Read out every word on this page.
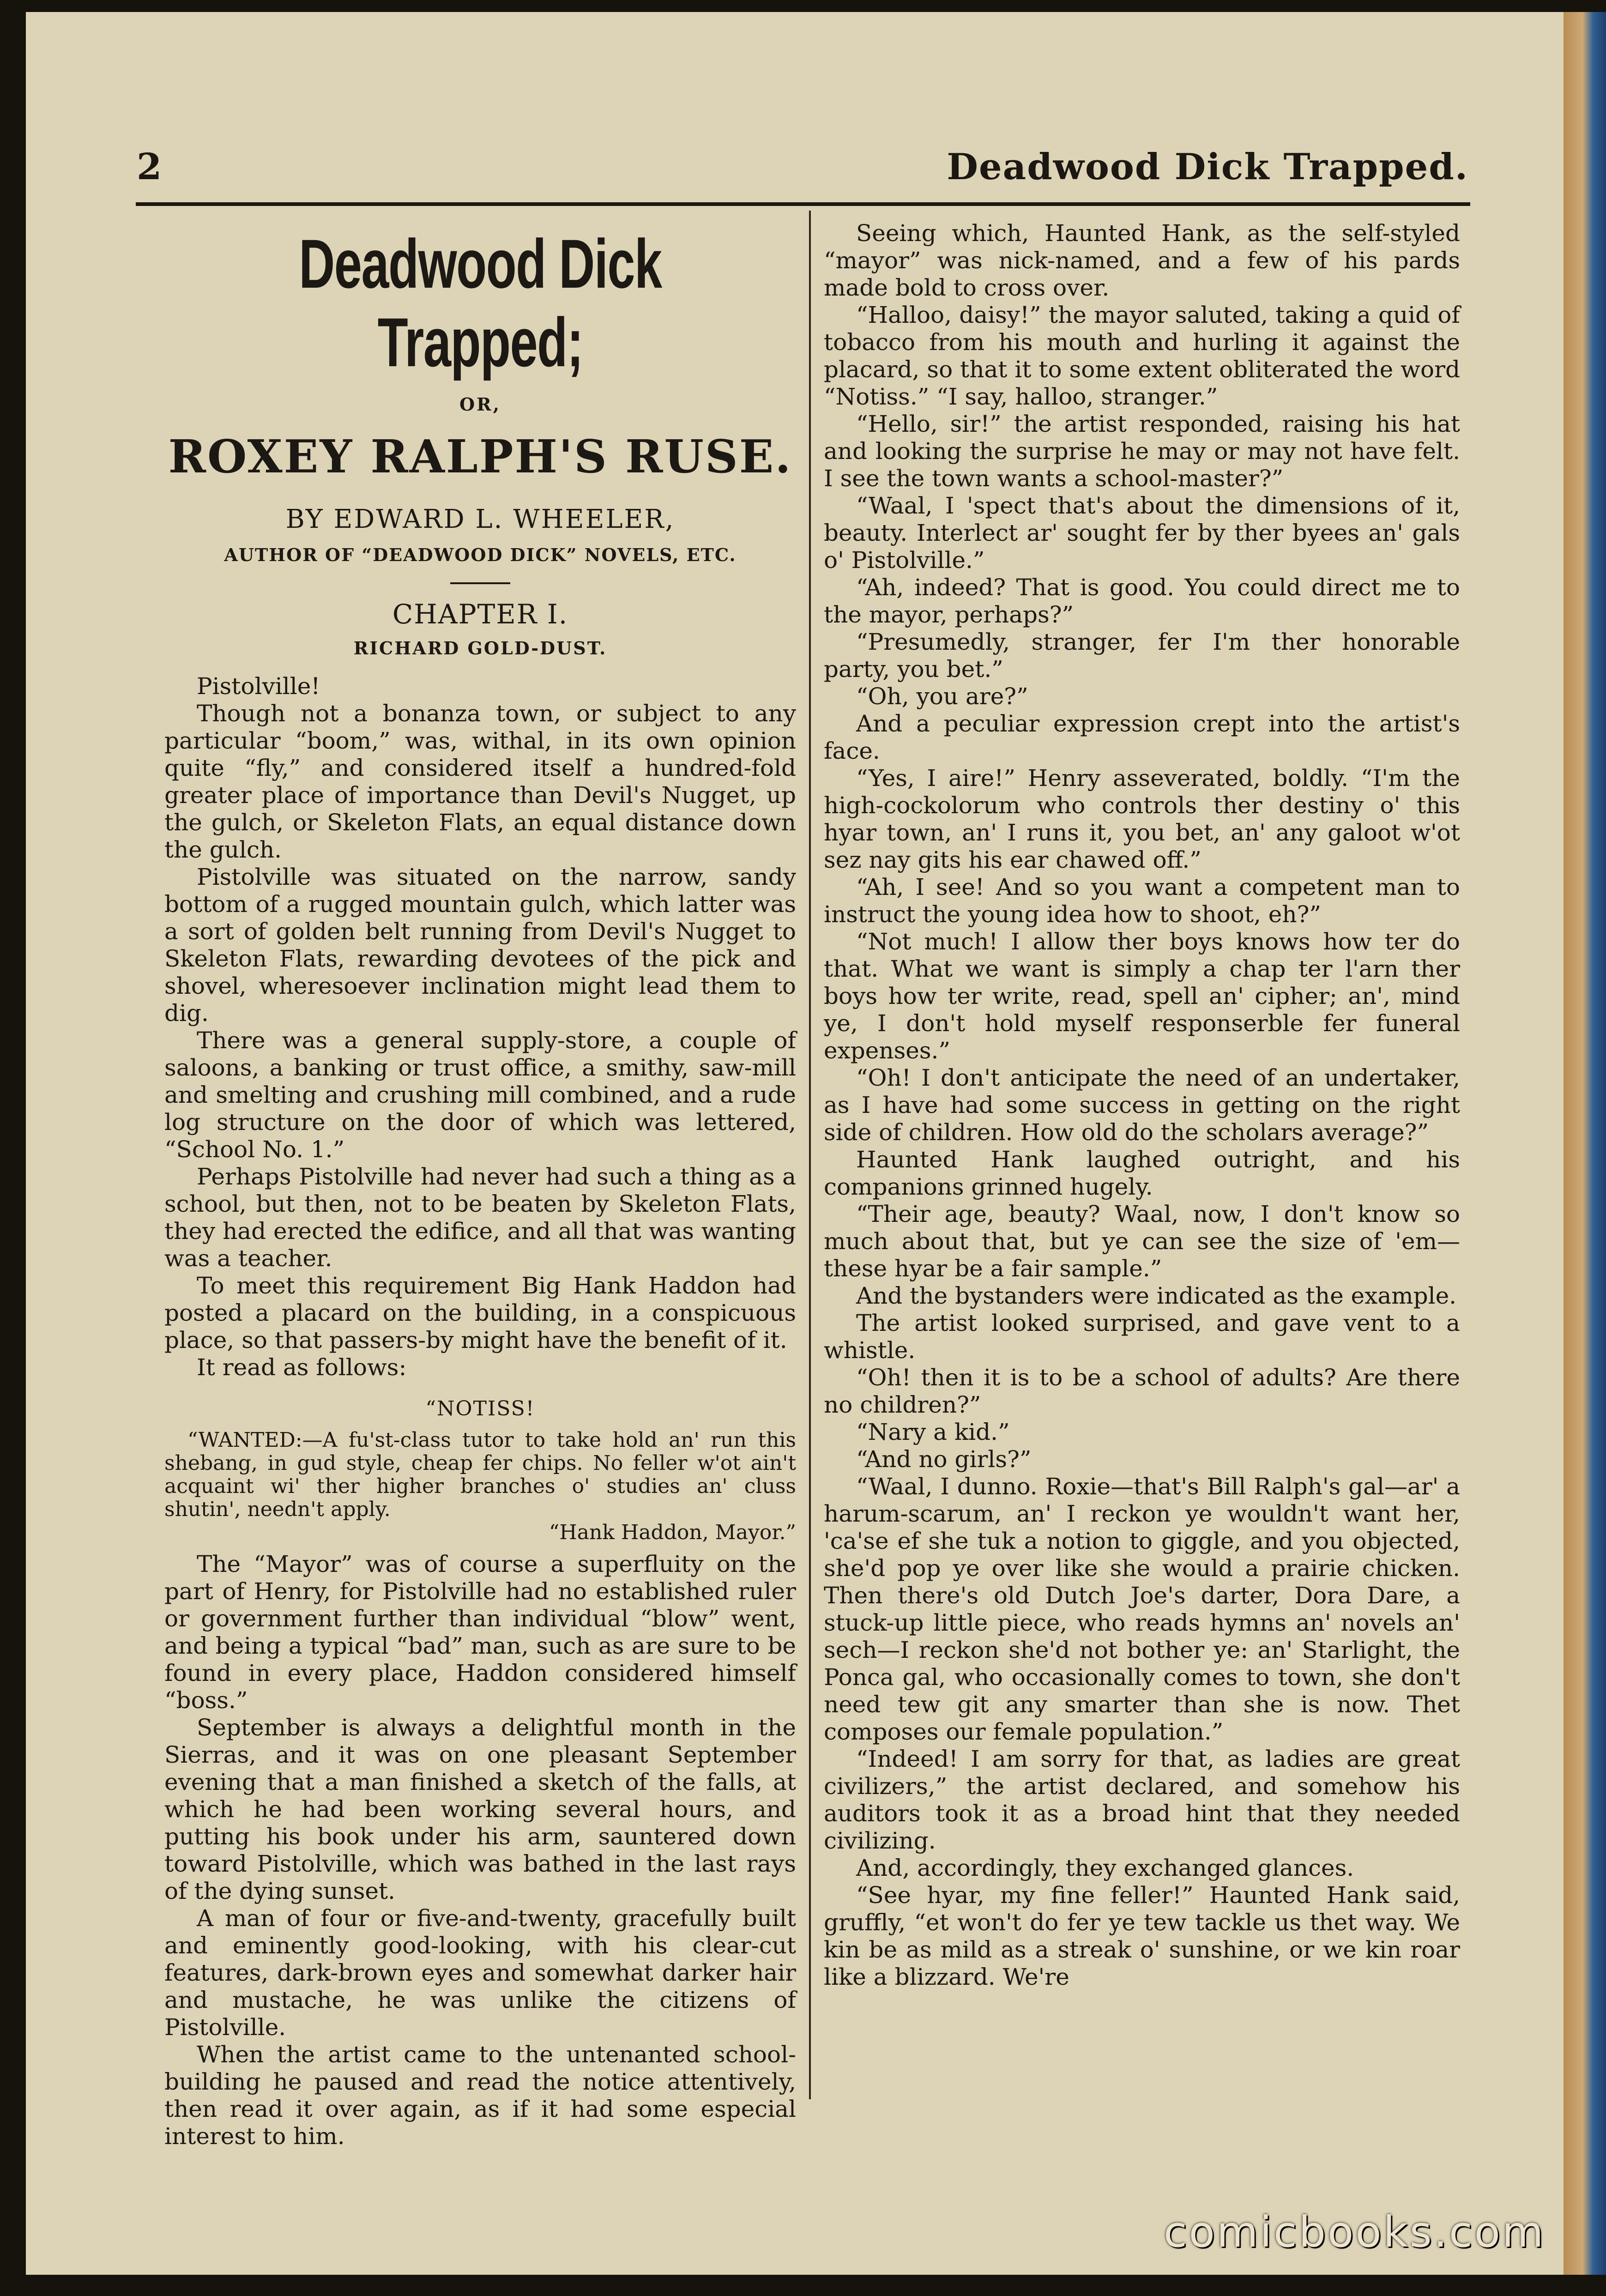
2	Deadwood Dick Trapped.
Deadwood Dick Trapped;
OR,
ROXEY RALPH'S RUSE.
BY EDWARD L. WHEELER,
AUTHOR OF “DEADWOOD DICK” NOVELS, ETC.
CHAPTER I.
RICHARD GOLD-DUST.

Pistolville!

Though not a bonanza town, or subject to any particular “boom,” was, withal, in its own opinion quite “fly,” and considered itself a hundred-fold greater place of importance than Devil's Nugget, up the gulch, or Skeleton Flats, an equal distance down the gulch.

Pistolville was situated on the narrow, sandy bottom of a rugged mountain gulch, which latter was a sort of golden belt running from Devil's Nugget to Skeleton Flats, rewarding devotees of the pick and shovel, wheresoever inclination might lead them to dig.

There was a general supply-store, a couple of saloons, a banking or trust office, a smithy, saw-mill and smelting and crushing mill combined, and a rude log structure on the door of which was lettered, “School No. 1.”

Perhaps Pistolville had never had such a thing as a school, but then, not to be beaten by Skeleton Flats, they had erected the edifice, and all that was wanting was a teacher.

To meet this requirement Big Hank Haddon had posted a placard on the building, in a conspicuous place, so that passers-by might have the benefit of it.

It read as follows:

“NOTISS!

“WANTED:—A fu'st-class tutor to take hold an' run this shebang, in gud style, cheap fer chips. No feller w'ot ain't acquaint wi' ther higher branches o' studies an' cluss shutin', needn't apply.

“Hank Haddon, Mayor.”

The “Mayor” was of course a superfluity on the part of Henry, for Pistolville had no established ruler or government further than individual “blow” went, and being a typical “bad” man, such as are sure to be found in every place, Haddon considered himself “boss.”

September is always a delightful month in the Sierras, and it was on one pleasant September evening that a man finished a sketch of the falls, at which he had been working several hours, and putting his book under his arm, sauntered down toward Pistolville, which was bathed in the last rays of the dying sunset.

A man of four or five-and-twenty, gracefully built and eminently good-looking, with his clear-cut features, dark-brown eyes and somewhat darker hair and mustache, he was unlike the citizens of Pistolville.

When the artist came to the untenanted school-building he paused and read the notice attentively, then read it over again, as if it had some especial interest to him.

Seeing which, Haunted Hank, as the self-styled “mayor” was nick-named, and a few of his pards made bold to cross over.

“Halloo, daisy!” the mayor saluted, taking a quid of tobacco from his mouth and hurling it against the placard, so that it to some extent obliterated the word “Notiss.” “I say, halloo, stranger.”

“Hello, sir!” the artist responded, raising his hat and looking the surprise he may or may not have felt. I see the town wants a school-master?”

“Waal, I 'spect that's about the dimensions of it, beauty. Interlect ar' sought fer by ther byees an' gals o' Pistolville.”

“Ah, indeed? That is good. You could direct me to the mayor, perhaps?”

“Presumedly, stranger, fer I'm ther honorable party, you bet.”

“Oh, you are?”

And a peculiar expression crept into the artist's face.

“Yes, I aire!” Henry asseverated, boldly. “I'm the high-cockolorum who controls ther destiny o' this hyar town, an' I runs it, you bet, an' any galoot w'ot sez nay gits his ear chawed off.”

“Ah, I see! And so you want a competent man to instruct the young idea how to shoot, eh?”

“Not much! I allow ther boys knows how ter do that. What we want is simply a chap ter l'arn ther boys how ter write, read, spell an' cipher; an', mind ye, I don't hold myself responserble fer funeral expenses.”

“Oh! I don't anticipate the need of an undertaker, as I have had some success in getting on the right side of children. How old do the scholars average?”

Haunted Hank laughed outright, and his companions grinned hugely.

“Their age, beauty? Waal, now, I don't know so much about that, but ye can see the size of 'em—these hyar be a fair sample.”

And the bystanders were indicated as the example.

The artist looked surprised, and gave vent to a whistle.

“Oh! then it is to be a school of adults? Are there no children?”

“Nary a kid.”

“And no girls?”

“Waal, I dunno. Roxie—that's Bill Ralph's gal—ar' a harum-scarum, an' I reckon ye wouldn't want her, 'ca'se ef she tuk a notion to giggle, and you objected, she'd pop ye over like she would a prairie chicken. Then there's old Dutch Joe's darter, Dora Dare, a stuck-up little piece, who reads hymns an' novels an' sech—I reckon she'd not bother ye: an' Starlight, the Ponca gal, who occasionally comes to town, she don't need tew git any smarter than she is now. Thet composes our female population.”

“Indeed! I am sorry for that, as ladies are great civilizers,” the artist declared, and somehow his auditors took it as a broad hint that they needed civilizing.

And, accordingly, they exchanged glances.

“See hyar, my fine feller!” Haunted Hank said, gruffly, “et won't do fer ye tew tackle us thet way. We kin be as mild as a streak o' sunshine, or we kin roar like a blizzard. We're

comicbooks.com
